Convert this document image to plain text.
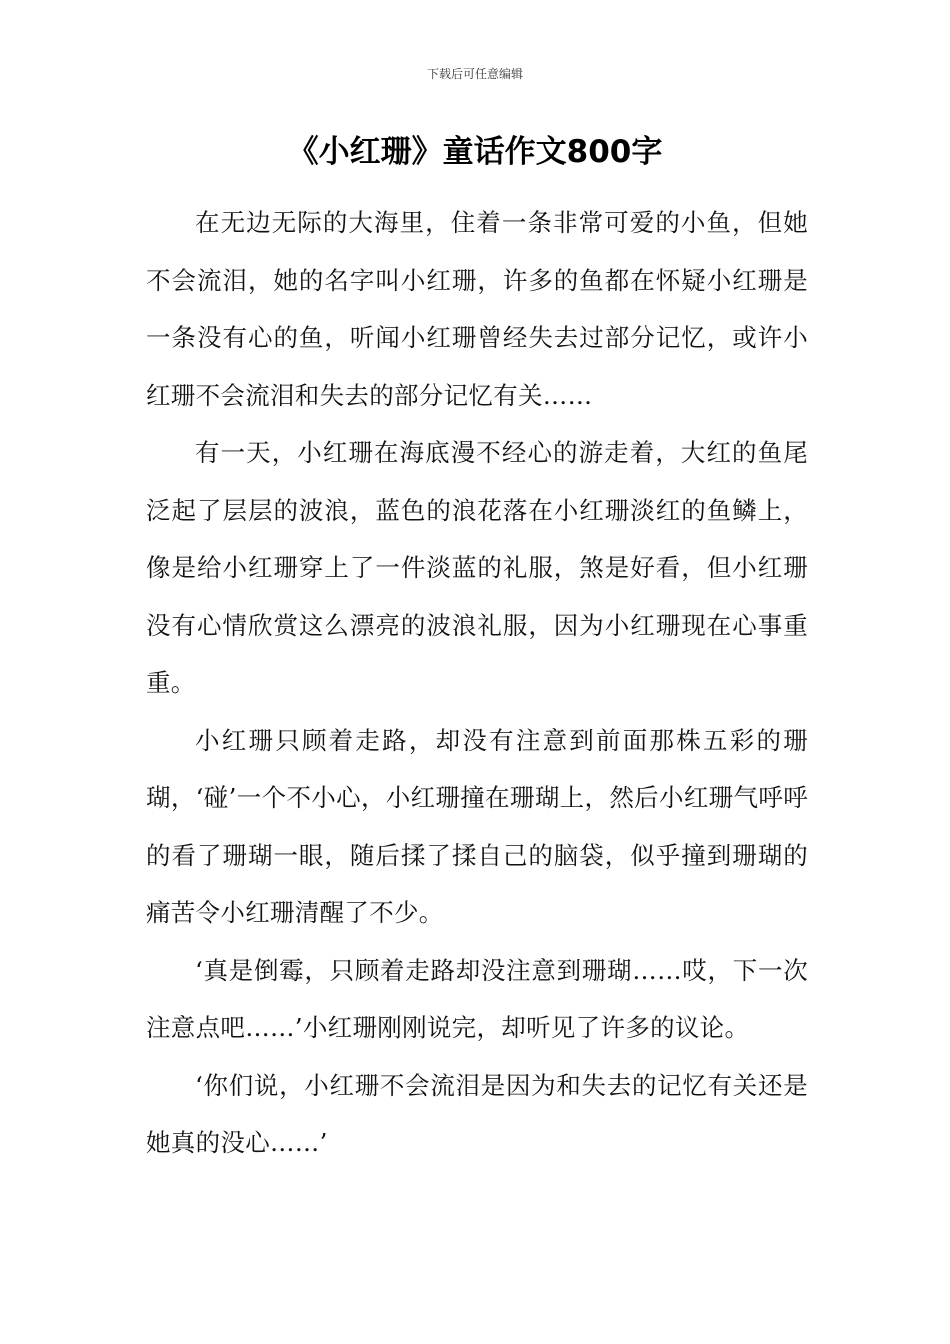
下载后可任意编辑
《小红珊》童话作文800字

在无边无际的大海里，住着一条非常可爱的小鱼，但她不会流泪，她的名字叫小红珊，许多的鱼都在怀疑小红珊是一条没有心的鱼，听闻小红珊曾经失去过部分记忆，或许小红珊不会流泪和失去的部分记忆有关……

有一天，小红珊在海底漫不经心的游走着，大红的鱼尾泛起了层层的波浪，蓝色的浪花落在小红珊淡红的鱼鳞上，像是给小红珊穿上了一件淡蓝的礼服，煞是好看，但小红珊没有心情欣赏这么漂亮的波浪礼服，因为小红珊现在心事重重。

小红珊只顾着走路，却没有注意到前面那株五彩的珊瑚，‘碰’一个不小心，小红珊撞在珊瑚上，然后小红珊气呼呼的看了珊瑚一眼，随后揉了揉自己的脑袋，似乎撞到珊瑚的痛苦令小红珊清醒了不少。

‘真是倒霉，只顾着走路却没注意到珊瑚……哎，下一次注意点吧……’小红珊刚刚说完，却听见了许多的议论。

‘你们说，小红珊不会流泪是因为和失去的记忆有关还是她真的没心……’
